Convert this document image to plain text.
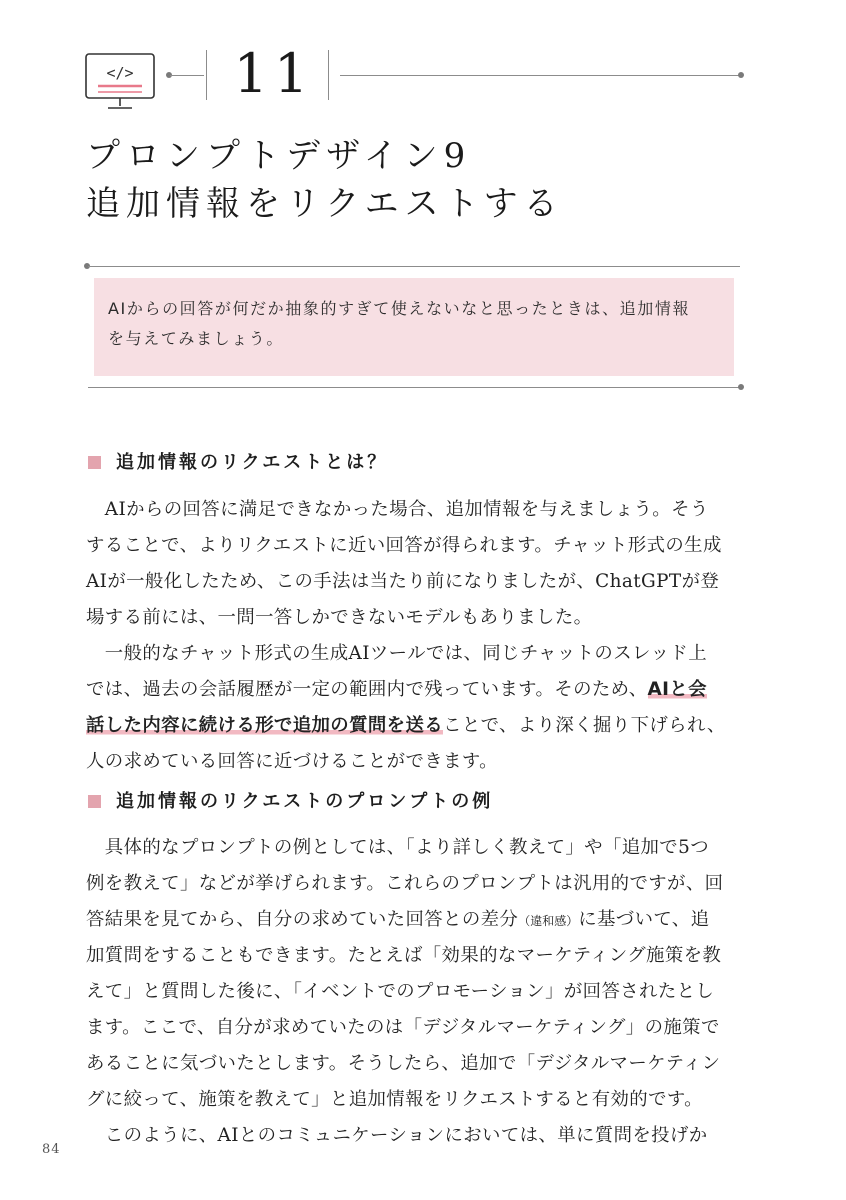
</> 11
プロンプトデザイン9
追加情報をリクエストする
AIからの回答が何だか抽象的すぎて使えないなと思ったときは、追加情報
を与えてみましょう。
追加情報のリクエストとは？
　AIからの回答に満足できなかった場合、追加情報を与えましょう。そう
することで、よりリクエストに近い回答が得られます。チャット形式の生成
AIが一般化したため、この手法は当たり前になりましたが、ChatGPTが登
場する前には、一問一答しかできないモデルもありました。
　一般的なチャット形式の生成AIツールでは、同じチャットのスレッド上
では、過去の会話履歴が一定の範囲内で残っています。そのため、AIと会
話した内容に続ける形で追加の質問を送ることで、より深く掘り下げられ、
人の求めている回答に近づけることができます。
追加情報のリクエストのプロンプトの例
　具体的なプロンプトの例としては、「より詳しく教えて」や「追加で5つ
例を教えて」などが挙げられます。これらのプロンプトは汎用的ですが、回
答結果を見てから、自分の求めていた回答との差分（違和感）に基づいて、追
加質問をすることもできます。たとえば「効果的なマーケティング施策を教
えて」と質問した後に、「イベントでのプロモーション」が回答されたとし
ます。ここで、自分が求めていたのは「デジタルマーケティング」の施策で
あることに気づいたとします。そうしたら、追加で「デジタルマーケティン
グに絞って、施策を教えて」と追加情報をリクエストすると有効的です。
　このように、AIとのコミュニケーションにおいては、単に質問を投げか
84
